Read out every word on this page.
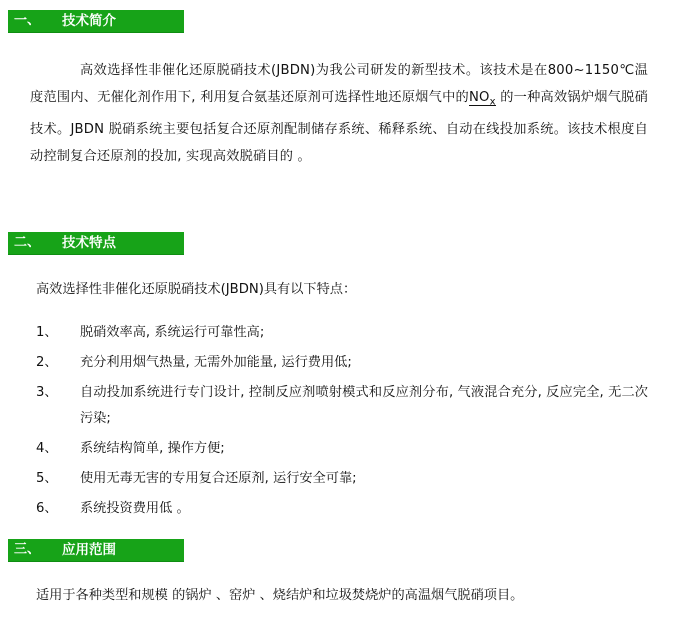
一、 技术简介
高效选择性非催化还原脱硝技术(JBDN)为我公司研发的新型技术。该技术是在800~1150℃温度范围内、无催化剂作用下, 利用复合氨基还原剂可选择性地还原烟气中的$NO_x$ 的一种高效锅炉烟气脱硝技术。JBDN 脱硝系统主要包括复合还原剂配制储存系统、稀释系统、自动在线投加系统。该技术根度自动控制复合还原剂的投加, 实现高效脱硝目的 。
二、 技术特点
高效选择性非催化还原脱硝技术(JBDN)具有以下特点：
1、	脱硝效率高, 系统运行可靠性高;
2、	充分利用烟气热量, 无需外加能量, 运行费用低;
3、	自动投加系统进行专门设计, 控制反应剂喷射模式和反应剂分布, 气液混合充分, 反应完全, 无二次污染;
4、	系统结构简单, 操作方便;
5、	使用无毒无害的专用复合还原剂, 运行安全可靠;
6、	系统投资费用低 。
三、 应用范围
适用于各种类型和规模 的锅炉 、窑炉 、烧结炉和垃圾焚烧炉的高温烟气脱硝项目。
